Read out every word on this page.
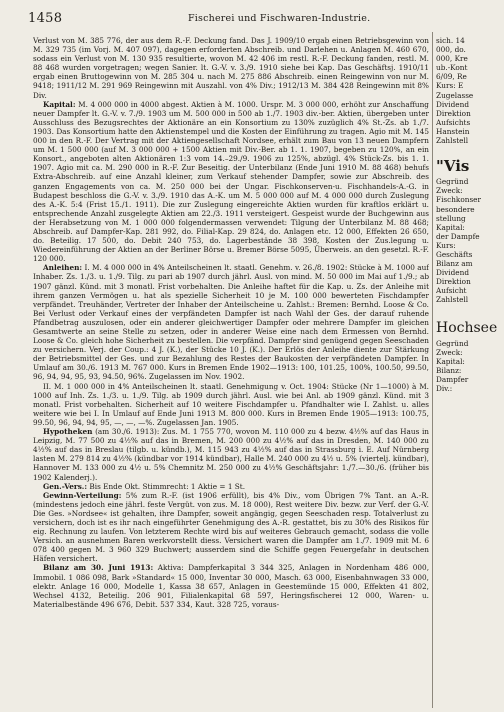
1458	Fischerei und Fischwaren-Industrie.

Verlust von M. 385 776, der aus dem R.-F. Deckung fand. Das J. 1909/10 ergab einen Betriebsgewinn von M. 329 735 (im Vorj. M. 407 097), dagegen erforderten Abschreib. und Darlehen u. Anlagen M. 460 670, sodass ein Verlust von M. 130 935 resultierte, wovon M. 42 406 im restl. R.-F. Deckung fanden, restl. M. 88 468 wurden vorgetragen; wegen Sanier. lt. G.-V. v. 3./9. 1910 siehe bei Kap. Das Geschäftsj. 1910/11 ergab einen Bruttogewinn von M. 285 304 u. nach M. 275 886 Abschreib. einen Reingewinn von nur M. 9418; 1911/12 M. 291 969 Reingewinn mit Auszahl. von 4% Div.; 1912/13 M. 384 428 Reingewinn mit 8% Div.

Kapital: M. 4 000 000 in 4000 abgest. Aktien à M. 1000. Urspr. M. 3 000 000, erhöht zur Anschaffung neuer Dampfer lt. G.-V. v. 7./9. 1903 um M. 500 000 in 500 ab 1./7. 1903 div.-ber. Aktien, übergeben unter Ausschluss des Bezugsrechtes der Aktionäre an ein Konsortium zu 130% zuzüglich 4% St.-Zs. ab 1./7. 1903. Das Konsortium hatte den Aktienstempel und die Kosten der Einführung zu tragen. Agio mit M. 145 000 in den R.-F. Der Vertrag mit der Aktiengesellschaft Nordsee, erhält zum Bau von 13 neuen Dampfern um M. 1 500 000 (auf M. 3 000 000 + 1500 Aktien mit Div.-Ber. ab 1. 1. 1907, begeben zu 120%, an ein Konsort., angeboten alten Aktionären 1:3 vom 14.–29./9. 1906 zu 125%, abzügl. 4% Stück-Zs. bis 1. 1. 1907. Agio mit ca. M. 290 000 in R.-F. Zur Beseitig. der Unterbilanz (Ende Juni 1910 M. 88 468) behufs Extra-Abschreib. auf eine Anzahl kleiner, zum Verkauf stehender Dampfer, sowie zur Abschreib. des ganzen Engagements von ca. M. 250 000 bei der Ungar. Fischkonserven-u. Fischhandels-A.-G. in Budapest beschloss die G.-V. v. 3./9. 1910 das A.-K. um M. 5 000 000 auf M. 4 000 000 durch Zuslegung des A.-K. 5:4 (Frist 15./1. 1911). Die zur Zuslegung eingereichte Aktien wurden für kraftlos erklärt u. entsprechende Anzahl zusgelegte Aktien am 22./3. 1911 versteigert. Gespeist wurde der Buchgewinn aus der Herabsetzung von M. 1 000 000 folgendermassen verwendet: Tilgung der Unterbilanz M. 88 468; Abschreib. auf Dampfer-Kap. 281 992, do. Filial-Kap. 29 824, do. Anlagen etc. 12 000, Effekten 26 650, do. Beteilig. 17 500, do. Debit 240 753, do. Lagerbestände 38 398, Kosten der Zus.legung u. Wiedereinführung der Aktien an der Berliner Börse u. Bremer Börse 5095, Überweis. an den gesetzl. R.-F. 120 000.

Anleihen: I. M. 4 000 000 in 4% Anteilscheinen lt. staatl. Genehm. v. 26./8. 1902: Stücke à M. 1000 auf Inhaber. Zs. 1./3. u. 1./9. Tilg. zu pari ab 1907 durch jährl. Ausl. von mind. M. 50 000 im Mai auf 1./9.; ab 1907 gänzl. Künd. mit 3 monatl. Frist vorbehalten. Die Anleihe haftet für die Kap. u. Zs. der Anleihe mit ihrem ganzen Vermögen u. hat als spezielle Sicherheit 10 je M. 100 000 bewerteten Fischdampfer verpfändet. Treuhänder, Vertreter der Inhaber der Anteilscheine u. Zahlst.: Bremen: Bernhd. Loose & Co. Bei Verlust oder Verkauf eines der verpfändeten Dampfer ist nach Wahl der Ges. der darauf ruhende Pfandbetrag auszulosen, oder ein anderer gleichwertiger Dampfer oder mehrere Dampfer im gleichen Gesamtwerte an seine Stelle zu setzen, oder in anderer Weise eine nach dem Ermessen von Bernhd. Loose & Co. gleich hohe Sicherheit zu bestellen. Die verpfänd. Dampfer sind genügend gegen Seeschaden zu versichern. Verj. der Coup.: 4 J. (K.), der Stücke 10 J. (K.). Der Erlös der Anleihe diente zur Stärkung der Betriebsmittel der Ges. und zur Bezahlung des Restes der Baukosten der verpfändeten Dampfer. In Umlauf am 30./6. 1913 M. 767 000. Kurs in Bremen Ende 1902—1913: 100, 101.25, 100%, 100.50, 99.50, 96, 94, 94, 95, 93, 94.50, 96%. Zugelassen im Nov. 1902.

II. M. 1 000 000 in 4% Anteilscheinen lt. staatl. Genehmigung v. Oct. 1904: Stücke (Nr 1—1000) à M. 1000 auf Inh. Zs. 1./3. u. 1./9. Tilg. ab 1909 durch jährl. Ausl. wie bei Anl. ab 1909 gänzl. Künd. mit 3 monatl. Frist vorbehalten. Sicherheit auf 10 weitere Fischdampfer u. Pfandhalter wie I. Zahlst. u. alles weitere wie bei I. In Umlauf auf Ende Juni 1913 M. 800 000. Kurs in Bremen Ende 1905—1913: 100.75, 99.50, 96, 94, 94, 95, —, —, —%. Zugelassen Jan. 1905.

Hypotheken (am 30./6. 1913): Zus. M. 1 755 770, wovon M. 110 000 zu 4 bezw. 4½% auf das Haus in Leipzig, M. 77 500 zu 4½% auf das in Bremen, M. 200 000 zu 4½% auf das in Dresden, M. 140 000 zu 4½% auf das in Breslau (tilgb. u. kündb.), M. 115 943 zu 4½% auf das in Strassburg i. E. Auf Nürnberg lasten M. 279 814 zu 4½% (kündbar vor 1914 kündbar), Halle M. 240 000 zu 4½ u. 5% (viertelj. kündbar), Hannover M. 133 000 zu 4½ u. 5% Chemnitz M. 250 000 zu 4½% Geschäftsjahr: 1./7.—30./6. (früher bis 1902 Kalenderj.).

Gen.-Vers.: Bis Ende Okt. Stimmrecht: 1 Aktie = 1 St.

Gewinn-Verteilung: 5% zum R.-F. (ist 1906 erfüllt), bis 4% Div., vom Übrigen 7% Tant. an A.-R. (mindestens jedoch eine jährl. feste Vergüt. von zus. M. 18 000), Rest weitere Div. bezw. zur Verf. der G.-V. Die Ges. »Nordsee« ist gehalten, ihre Dampfer, soweit angängig, gegen Seeschaden resp. Totalverlust zu versichern, doch ist es ihr nach eingeführter Genehmigung des A.-R. gestattet, bis zu 30% des Risikos für eig. Rechnung zu laufen. Von letzterem Rechte wird bis auf weiteres Gebrauch gemacht, sodass die volle Versich. an ausnehmen Baren werkvorstellt diess. Versichert waren die Dampfer am 1./7. 1909 mit M. 6 078 400 gegen M. 3 960 329 Buchwert; ausserdem sind die Schiffe gegen Feuergefahr in deutschen Häfen versichert.

Bilanz am 30. Juni 1913: Aktiva: Dampferkapital 3 344 325, Anlagen in Nordenham 486 000, Immobil. 1 086 098, Bark »Standard« 15 000, Inventar 30 000, Masch. 63 000, Eisenbahnwagen 33 000, elektr. Anlage 16 000, Modelle 1, Kassa 38 657, Anlagen in Geestemünde 15 000, Effekten 41 802, Wechsel 4132, Beteilig. 206 901, Filialenkapital 68 597, Heringsfischerei 12 000, Waren- u. Materialbestände 496 676, Debit. 537 334, Kaut. 328 725, voraus-

sich. 14
000, do.
000, Kre
ub.-Kont
6/09, Re
Kurs: E
Zugelasse
Dividend
Direktion
Aufsichts
Hanstein
Zahlstell

"Vis
Gegründ
Zweck:
Fischkonser
besondere
stellung
Kapital:
der Dampfe
Kurs:
Geschäfts
Bilanz am
Dividend
Direktion
Aufsicht
Zahlstell

Hochsee
Gegründ
Zweck:
Kapital:
Bilanz:
Dampfer
Div.:
